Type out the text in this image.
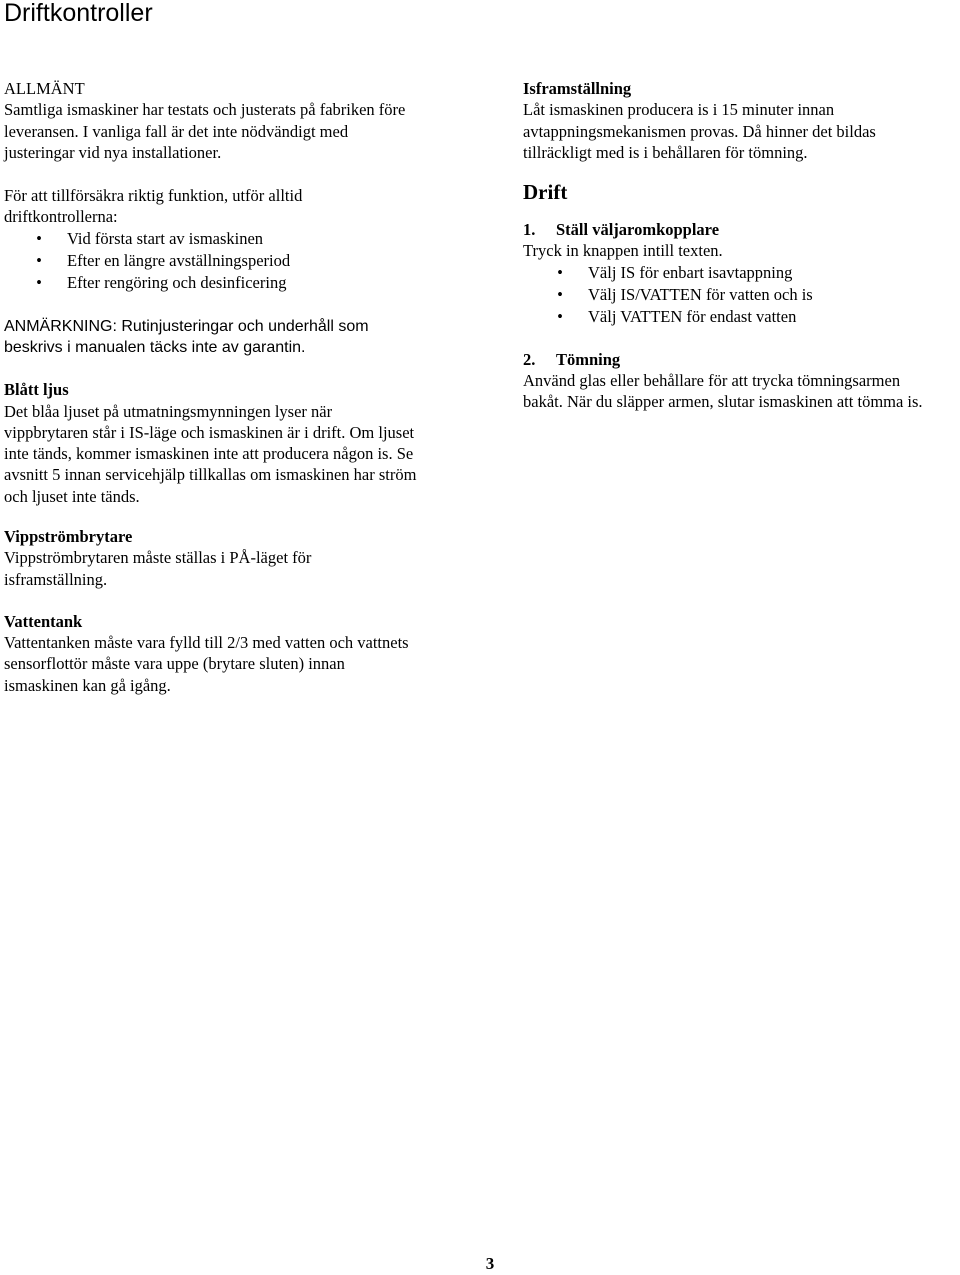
Driftkontroller
ALLMÄNT
Samtliga ismaskiner har testats och justerats på fabriken före
leveransen. I vanliga fall är det inte nödvändigt med
justeringar vid nya installationer.
För att tillförsäkra riktig funktion, utför alltid
driftkontrollerna:
• Vid första start av ismaskinen
• Efter en längre avställningsperiod
• Efter rengöring och desinficering
ANMÄRKNING: Rutinjusteringar och underhåll som
beskrivs i manualen täcks inte av garantin.
Blått ljus
Det blåa ljuset på utmatningsmynningen lyser när
vippbrytaren står i IS-läge och ismaskinen är i drift. Om ljuset
inte tänds, kommer ismaskinen inte att producera någon is. Se
avsnitt 5 innan servicehjälp tillkallas om ismaskinen har ström
och ljuset inte tänds.
Vippströmbrytare
Vippströmbrytaren måste ställas i PÅ-läget för
isframställning.
Vattentank
Vattentanken måste vara fylld till 2/3 med vatten och vattnets
sensorflottör måste vara uppe (brytare sluten) innan
ismaskinen kan gå igång.
Isframställning
Låt ismaskinen producera is i 15 minuter innan
avtappningsmekanismen provas. Då hinner det bildas
tillräckligt med is i behållaren för tömning.
Drift
1. Ställ väljaromkopplare
Tryck in knappen intill texten.
• Välj IS för enbart isavtappning
• Välj IS/VATTEN för vatten och is
• Välj VATTEN för endast vatten
2. Tömning
Använd glas eller behållare för att trycka tömningsarmen
bakåt. När du släpper armen, slutar ismaskinen att tömma is.
3
